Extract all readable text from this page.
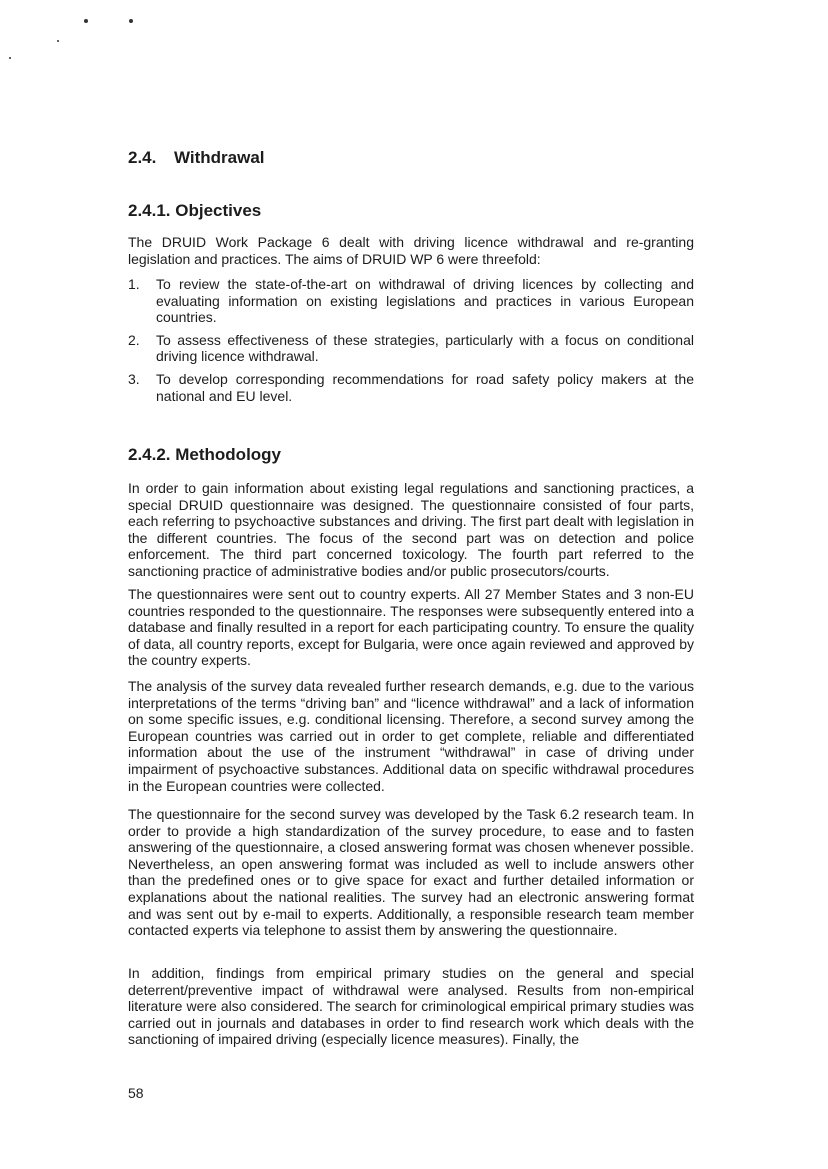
2.4. Withdrawal
2.4.1. Objectives

The DRUID Work Package 6 dealt with driving licence withdrawal and re-granting legislation and practices. The aims of DRUID WP 6 were threefold:

1. To review the state-of-the-art on withdrawal of driving licences by collecting and evaluating information on existing legislations and practices in various European countries.
2. To assess effectiveness of these strategies, particularly with a focus on conditional driving licence withdrawal.
3. To develop corresponding recommendations for road safety policy makers at the national and EU level.
2.4.2. Methodology

In order to gain information about existing legal regulations and sanctioning practices, a special DRUID questionnaire was designed. The questionnaire consisted of four parts, each referring to psychoactive substances and driving. The first part dealt with legislation in the different countries. The focus of the second part was on detection and police enforcement. The third part concerned toxicology. The fourth part referred to the sanctioning practice of administrative bodies and/or public prosecutors/courts.

The questionnaires were sent out to country experts. All 27 Member States and 3 non-EU countries responded to the questionnaire. The responses were subsequently entered into a database and finally resulted in a report for each participating country. To ensure the quality of data, all country reports, except for Bulgaria, were once again reviewed and approved by the country experts.

The analysis of the survey data revealed further research demands, e.g. due to the various interpretations of the terms “driving ban” and “licence withdrawal” and a lack of information on some specific issues, e.g. conditional licensing. Therefore, a second survey among the European countries was carried out in order to get complete, reliable and differentiated information about the use of the instrument “withdrawal” in case of driving under impairment of psychoactive substances. Additional data on specific withdrawal procedures in the European countries were collected.

The questionnaire for the second survey was developed by the Task 6.2 research team. In order to provide a high standardization of the survey procedure, to ease and to fasten answering of the questionnaire, a closed answering format was chosen whenever possible. Nevertheless, an open answering format was included as well to include answers other than the predefined ones or to give space for exact and further detailed information or explanations about the national realities. The survey had an electronic answering format and was sent out by e-mail to experts. Additionally, a responsible research team member contacted experts via telephone to assist them by answering the questionnaire.

In addition, findings from empirical primary studies on the general and special deterrent/preventive impact of withdrawal were analysed. Results from non-empirical literature were also considered. The search for criminological empirical primary studies was carried out in journals and databases in order to find research work which deals with the sanctioning of impaired driving (especially licence measures). Finally, the

58
